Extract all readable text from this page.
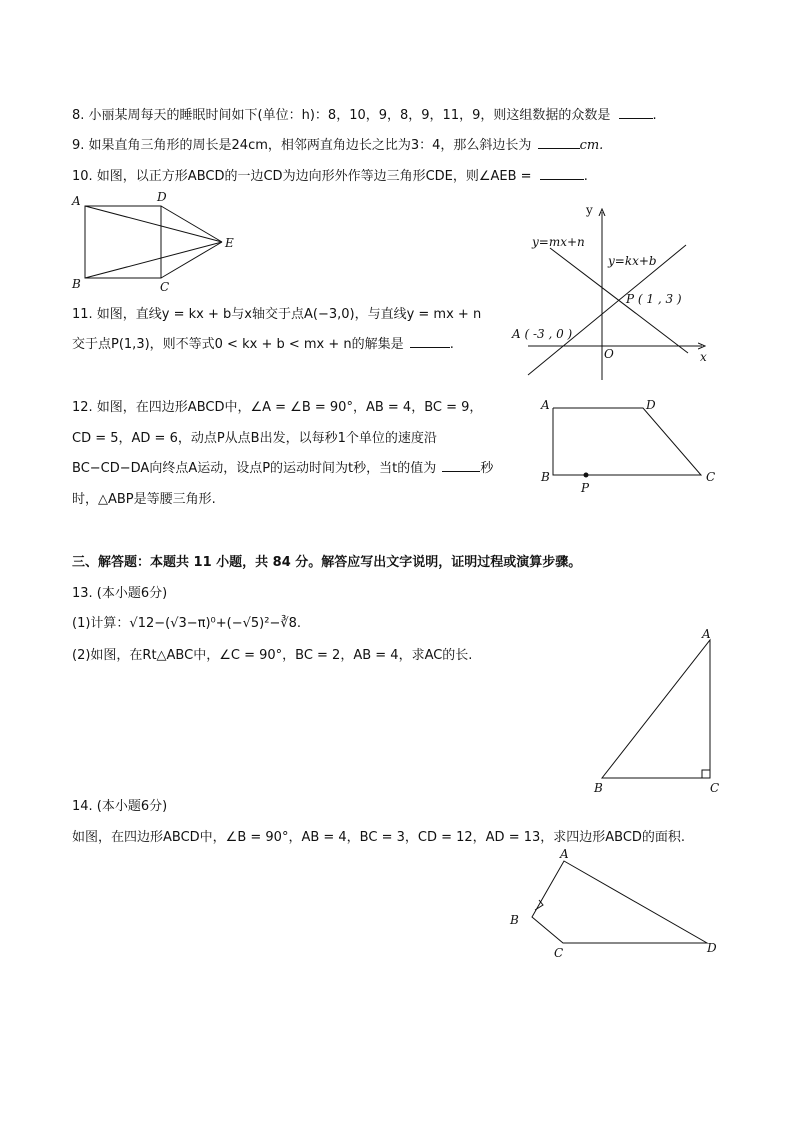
8. 小丽某周每天的睡眠时间如下(单位：h)：8，10，9，8，9，11，9，则这组数据的众数是	.
9. 如果直角三角形的周长是24cm，相邻两直角边长之比为3：4，那么斜边长为	cm.
10. 如图，以正方形ABCD的一边CD为边向形外作等边三角形CDE，则∠AEB =	.
A	D
E
B	C
11. 如图，直线y = kx + b与x轴交于点A(−3,0)，与直线y = mx + n
交于点P(1,3)，则不等式0 < kx + b < mx + n的解集是	.
y
x
O
y=mx+n
y=kx+b
P ( 1 , 3 )
A ( -3 , 0 )
12. 如图，在四边形ABCD中，∠A = ∠B = 90°，AB = 4，BC = 9，
CD = 5，AD = 6，动点P从点B出发，以每秒1个单位的速度沿
BC−CD−DA向终点A运动，设点P的运动时间为t秒，当t的值为	秒
时，△ABP是等腰三角形.
A	D
B	C
P
三、解答题：本题共 11 小题，共 84 分。解答应写出文字说明，证明过程或演算步骤。
13. (本小题6分)
(1)计算：√12−(√3−π)⁰+(−√5)²−∛8.
(2)如图，在Rt△ABC中，∠C = 90°，BC = 2，AB = 4，求AC的长.
A
B	C
14. (本小题6分)
如图，在四边形ABCD中，∠B = 90°，AB = 4，BC = 3，CD = 12，AD = 13，求四边形ABCD的面积.
A
B
C	D
